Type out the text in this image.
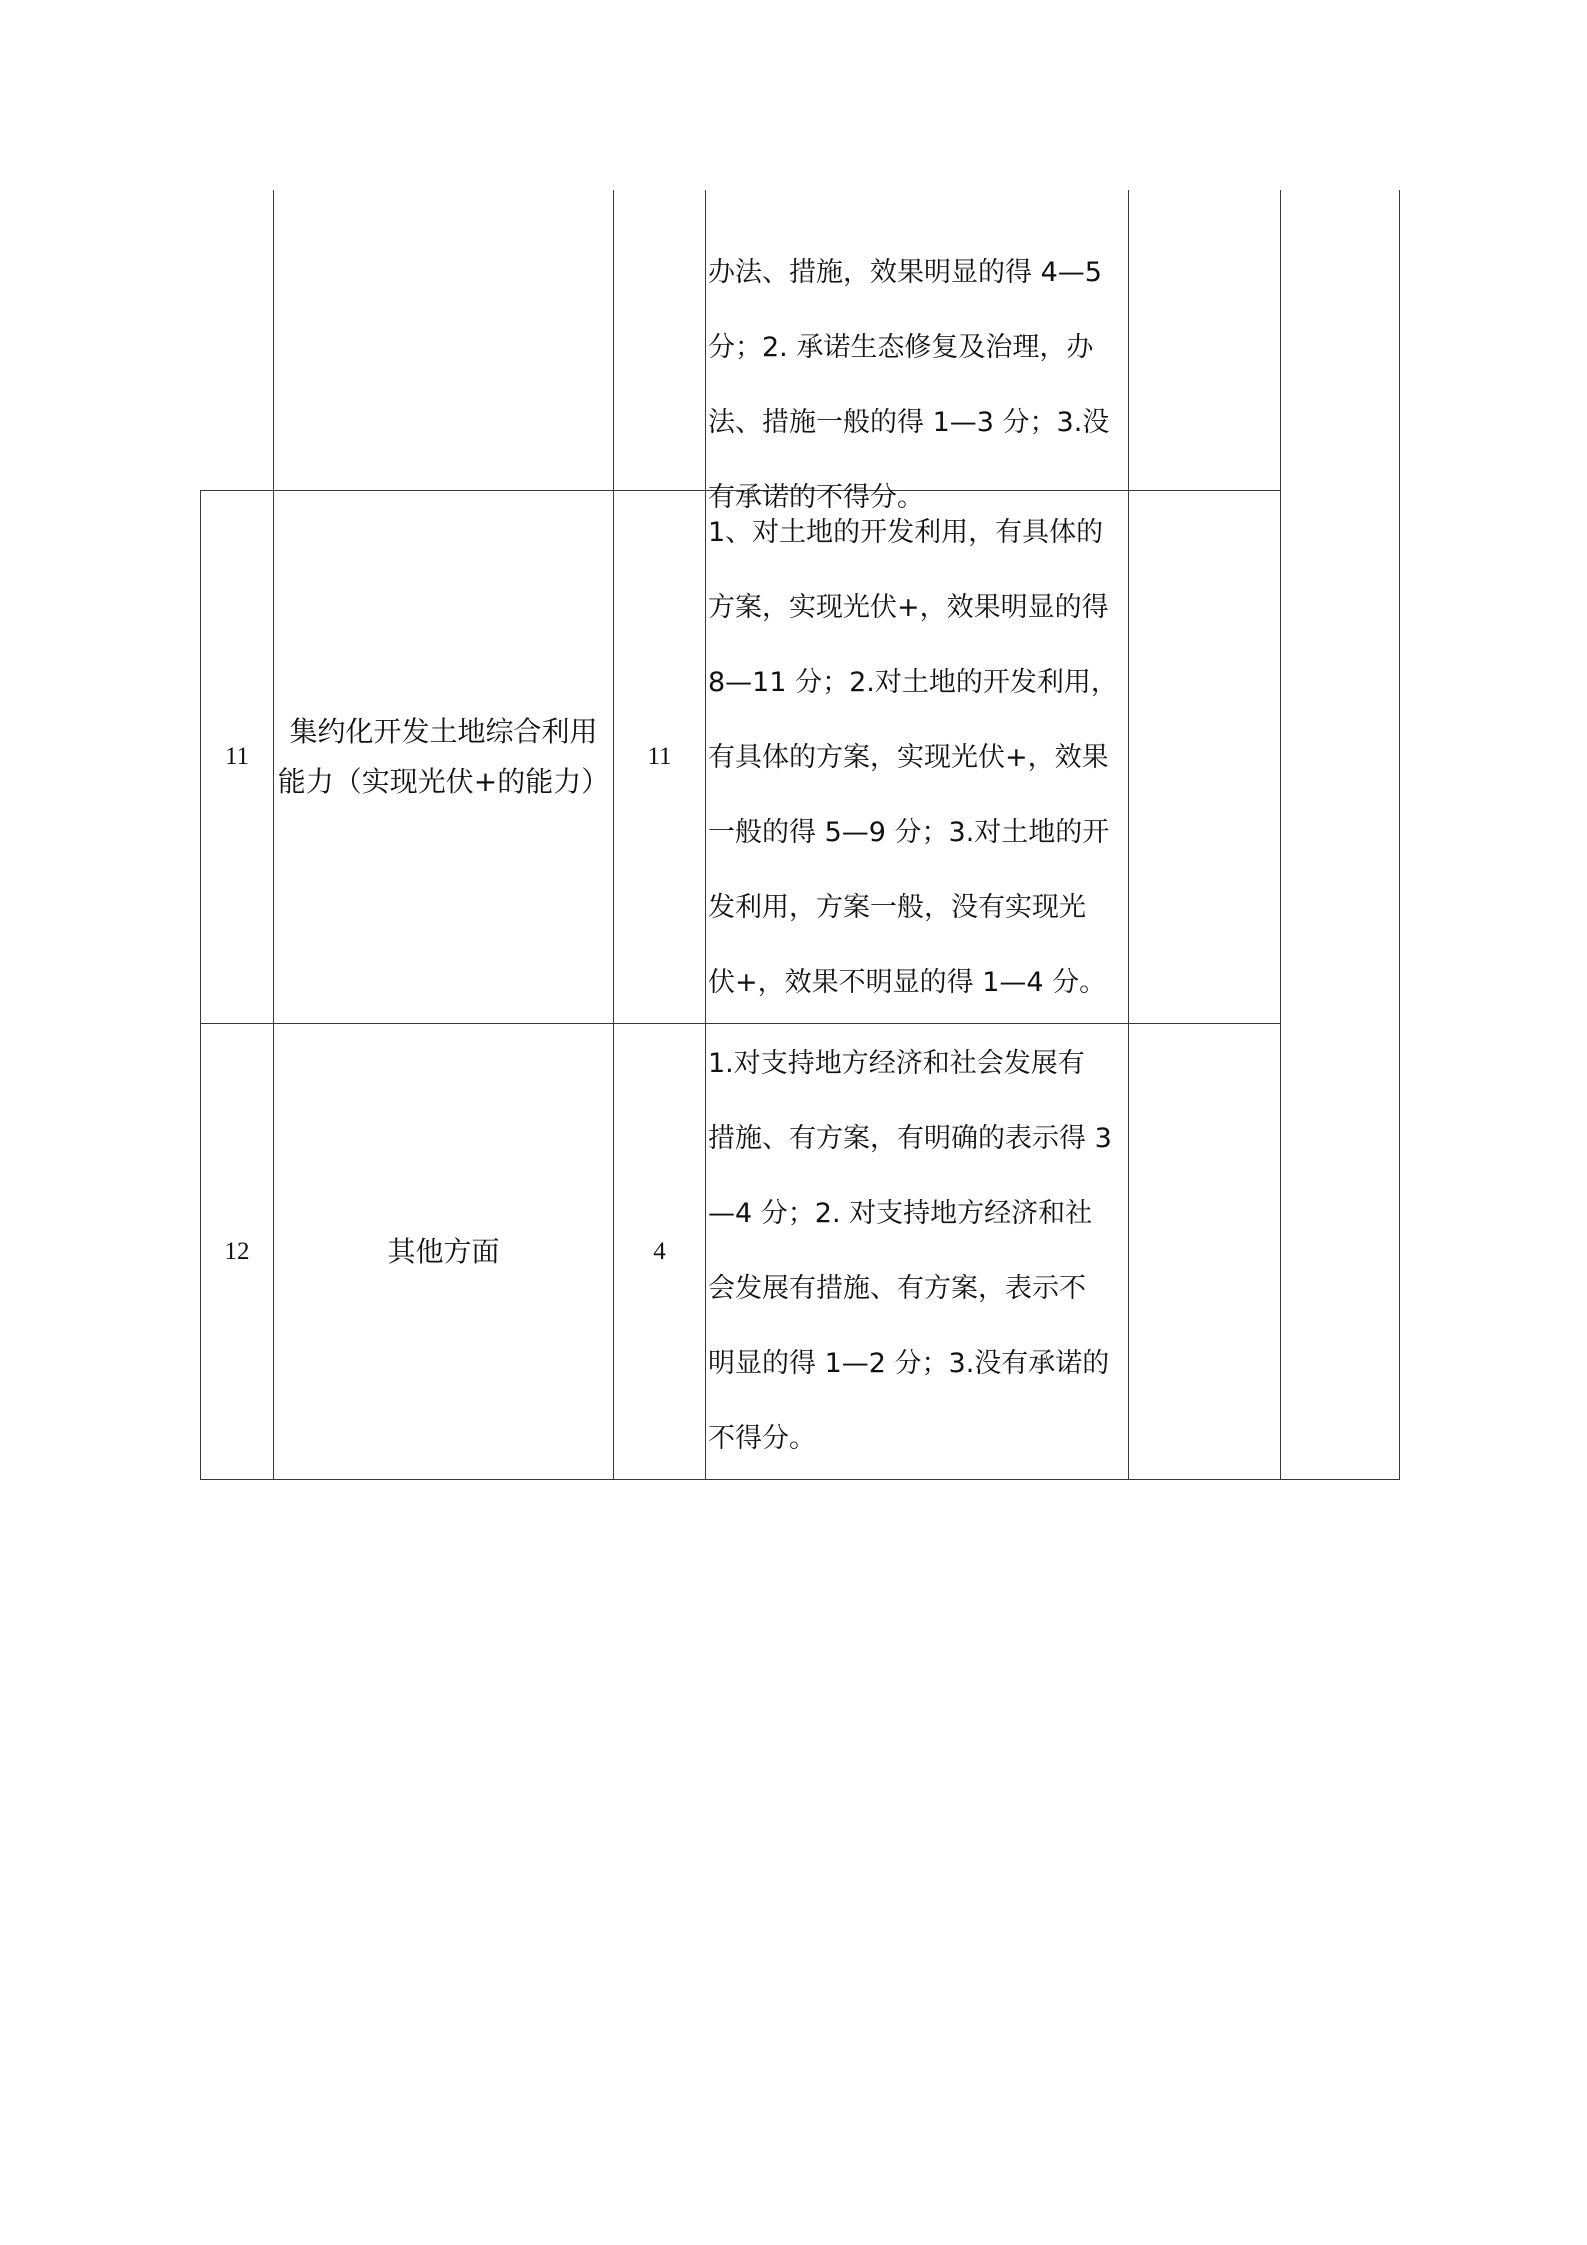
办法、措施，效果明显的得 4—5
分；2. 承诺生态修复及治理，办
法、措施一般的得 1—3 分；3.没
有承诺的不得分。
11
集约化开发土地综合利用能力（实现光伏+的能力）
11
1、对土地的开发利用，有具体的
方案，实现光伏+，效果明显的得
8—11 分；2.对土地的开发利用，
有具体的方案，实现光伏+，效果
一般的得 5—9 分；3.对土地的开
发利用，方案一般，没有实现光
伏+，效果不明显的得 1—4 分。
12	其他方面	4
1.对支持地方经济和社会发展有
措施、有方案，有明确的表示得 3
—4 分；2. 对支持地方经济和社
会发展有措施、有方案，表示不
明显的得 1—2 分；3.没有承诺的
不得分。
